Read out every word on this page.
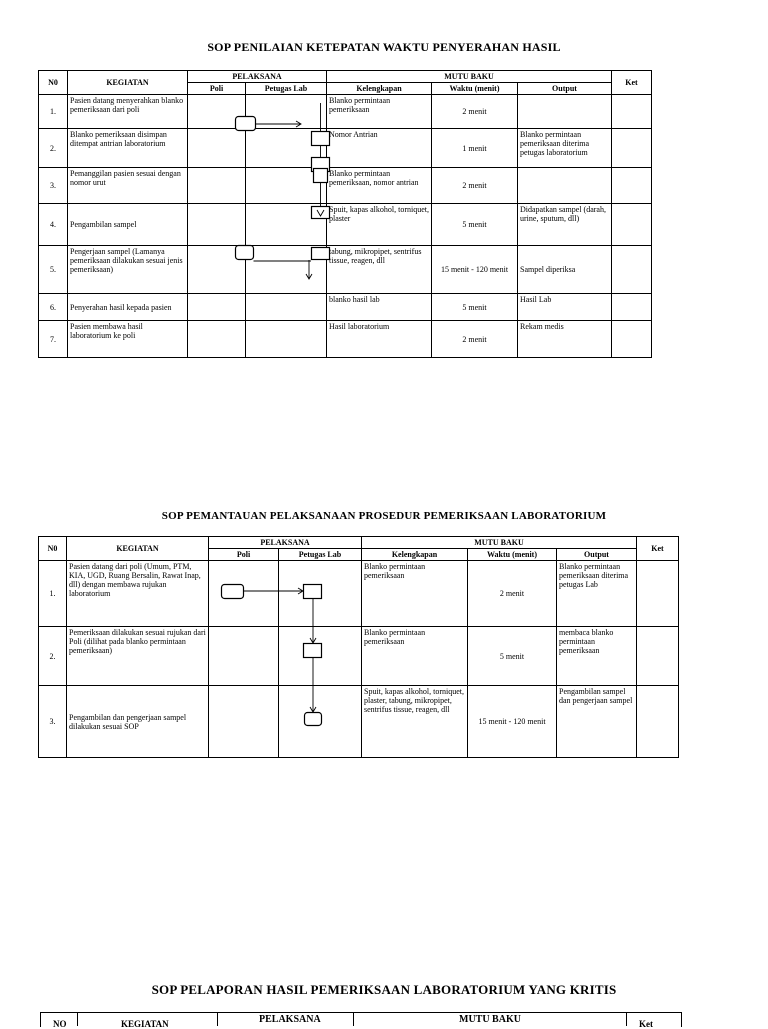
SOP PENILAIAN KETEPATAN WAKTU PENYERAHAN HASIL
N0	KEGIATAN	PELAKSANA		MUTU BAKU			Ket
		Poli	Petugas Lab	Kelengkapan	Waktu (menit)	Output	
1.	Pasien datang menyerahkan blanko pemeriksaan dari poli			Blanko permintaan pemeriksaan	2 menit		
2.	Blanko pemeriksaan disimpan ditempat antrian laboratorium			Nomor Antrian	1 menit	Blanko permintaan pemeriksaan diterima petugas laboratorium	
3.	Pemanggilan pasien sesuai dengan nomor urut			Blanko permintaan pemeriksaan, nomor antrian	2 menit		
4.	Pengambilan sampel			Spuit, kapas alkohol, torniquet, plaster	5 menit	Didapatkan sampel (darah, urine, sputum, dll)	
5.	Pengerjaan sampel (Lamanya pemeriksaan dilakukan sesuai jenis pemeriksaan)			tabung, mikropipet, sentrifus tissue, reagen, dll	15 menit - 120 menit	Sampel diperiksa	
6.	Penyerahan hasil kepada pasien			blanko hasil lab	5 menit	Hasil Lab	
7.	Pasien membawa hasil laboratorium ke poli			Hasil laboratorium	2 menit	Rekam medis	
SOP PEMANTAUAN PELAKSANAAN PROSEDUR PEMERIKSAAN LABORATORIUM
N0	KEGIATAN	PELAKSANA		MUTU BAKU			Ket
		Poli	Petugas Lab	Kelengkapan	Waktu (menit)	Output	
1.	Pasien datang dari poli (Umum, PTM, KIA, UGD, Ruang Bersalin, Rawat Inap, dll) dengan membawa rujukan laboratorium			Blanko permintaan pemeriksaan	2 menit	Blanko permintaan pemeriksaan diterima petugas Lab	
2.	Pemeriksaan dilakukan sesuai rujukan dari Poli (dilihat pada blanko permintaan pemeriksaan)			Blanko permintaan pemeriksaan	5 menit	membaca blanko permintaan pemeriksaan	
3.	Pengambilan dan pengerjaan sampel dilakukan sesuai SOP			Spuit, kapas alkohol, torniquet, plaster, tabung, mikropipet, sentrifus tissue, reagen, dll	15 menit - 120 menit	Pengambilan sampel dan pengerjaan sampel	
SOP PELAPORAN HASIL PEMERIKSAAN LABORATORIUM YANG KRITIS
NO	KEGIATAN	PELAKSANA	MUTU BAKU	Ket
